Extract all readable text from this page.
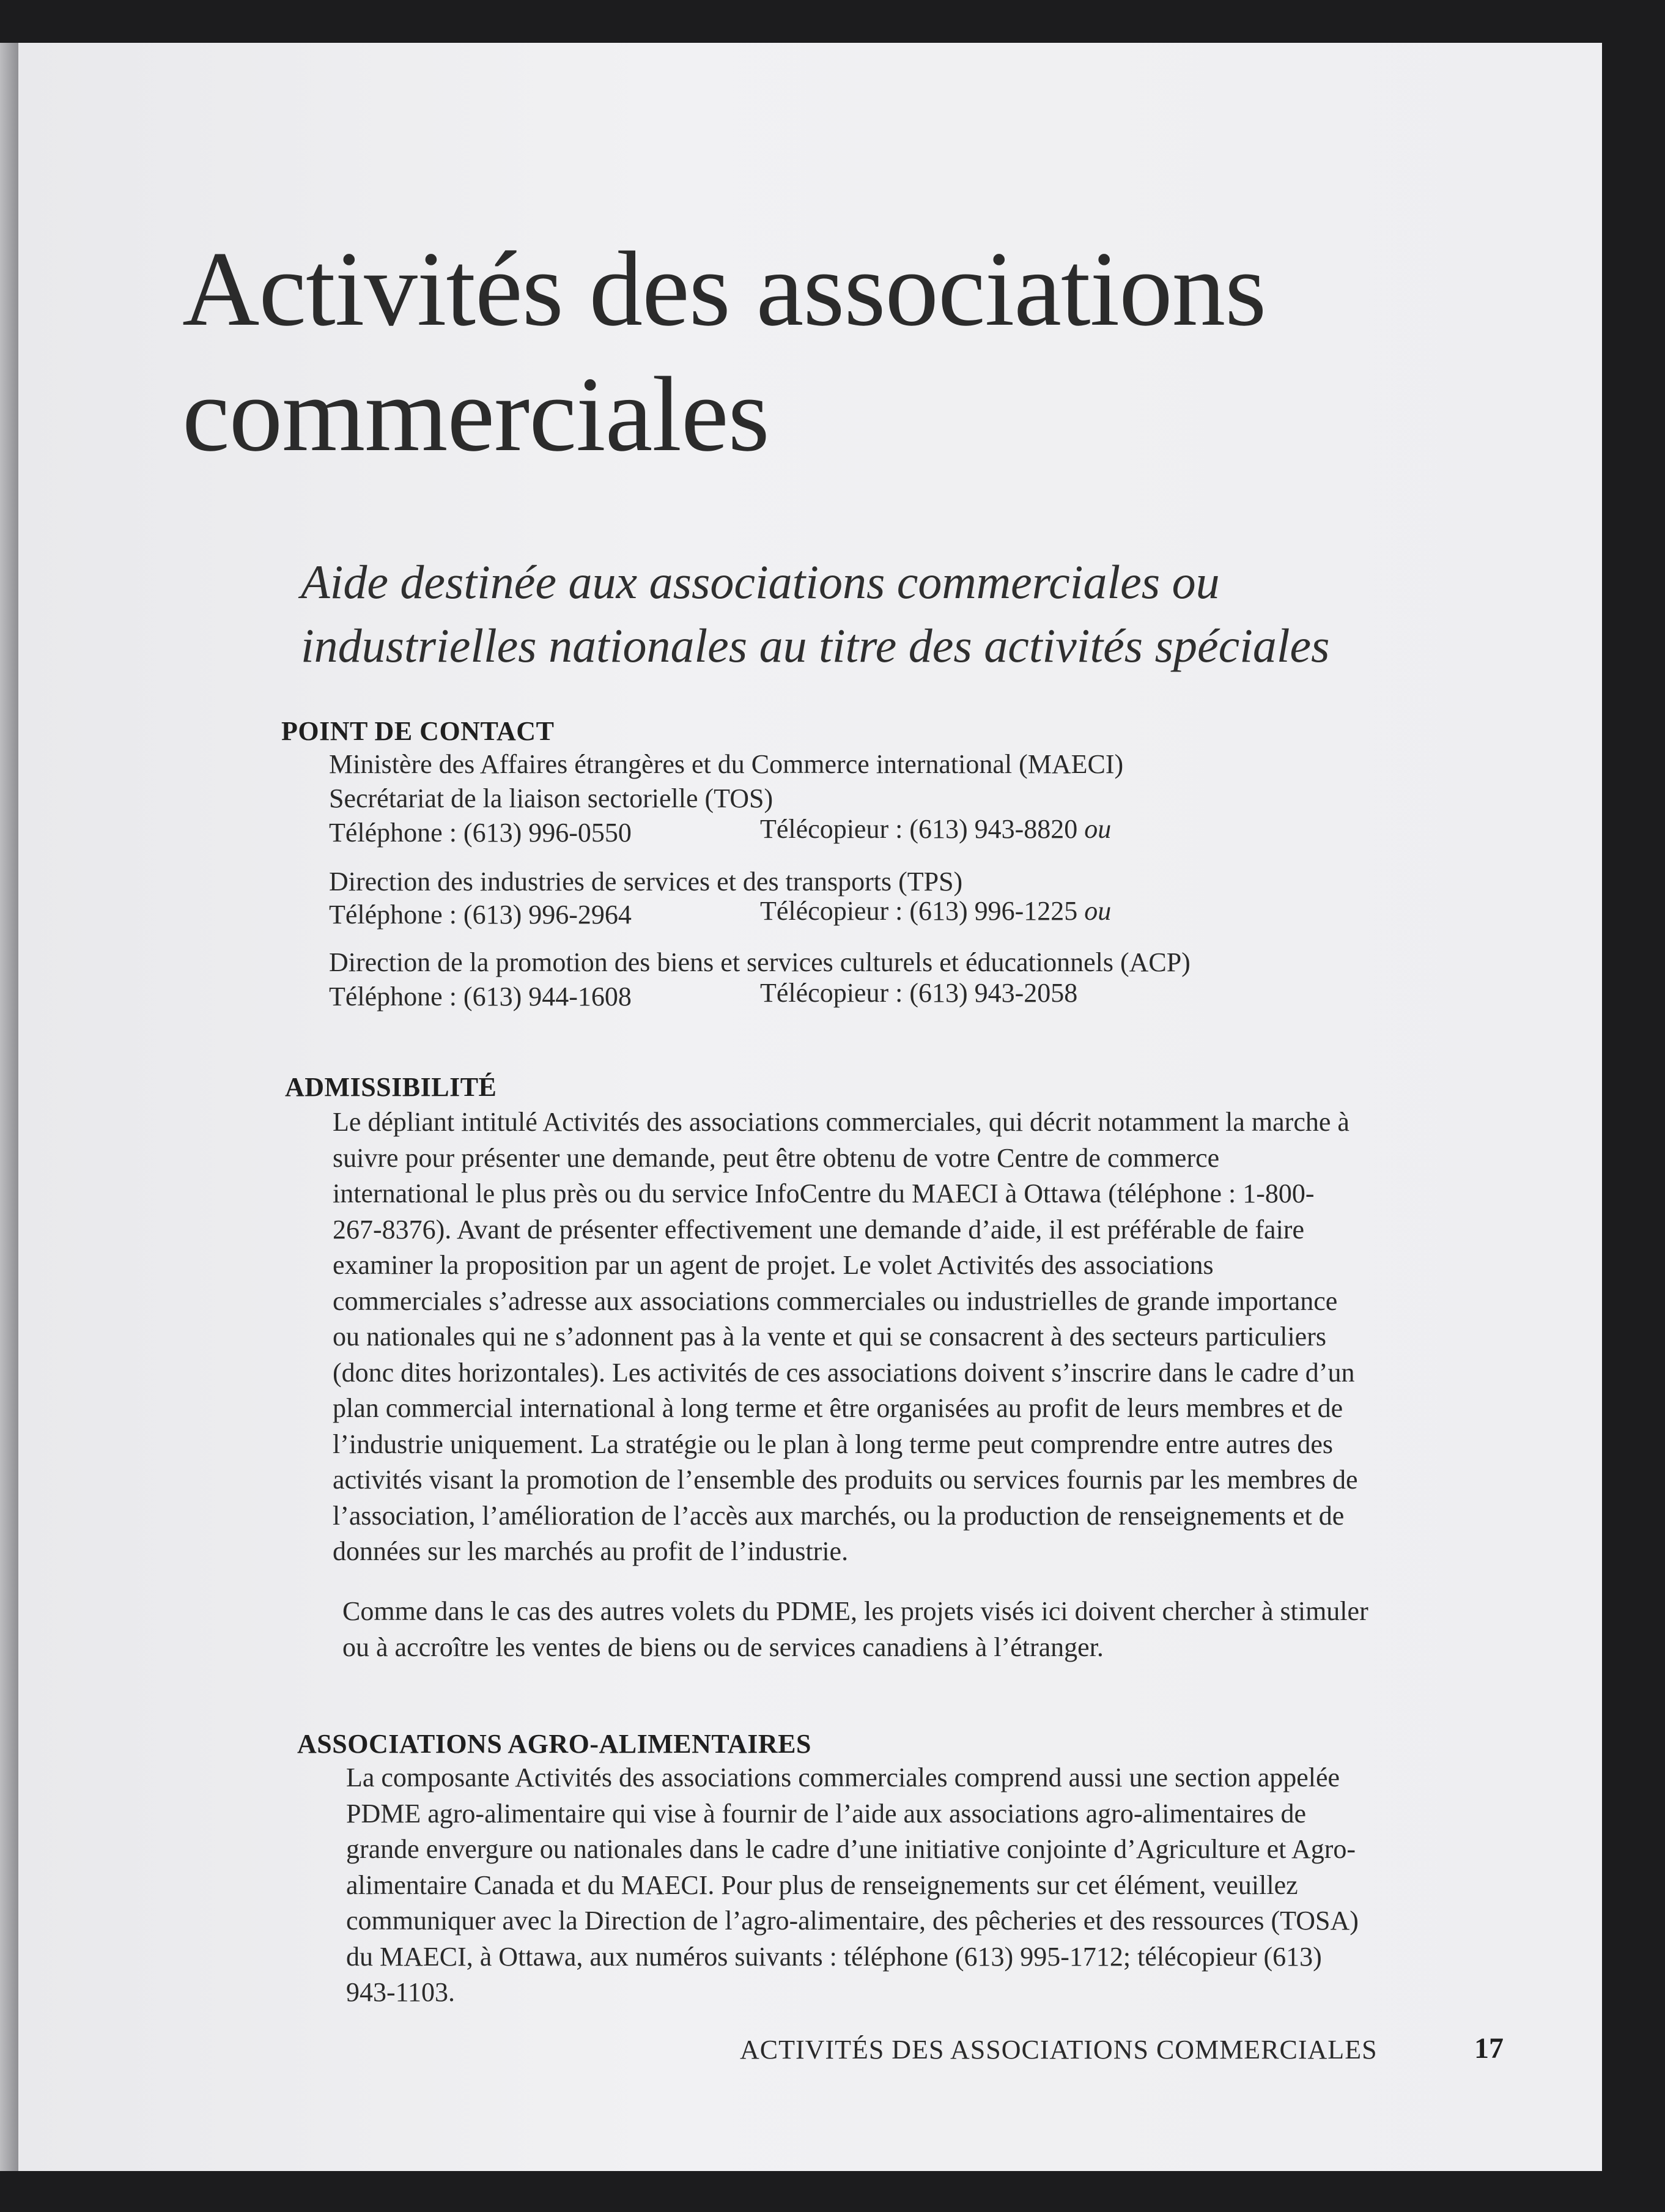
Activités des associations
commerciales
Aide destinée aux associations commerciales ou
industrielles nationales au titre des activités spéciales
POINT DE CONTACT

Ministère des Affaires étrangères et du Commerce international (MAECI)

Secrétariat de la liaison sectorielle (TOS)

Téléphone : (613) 996-0550	Télécopieur : (613) 943-8820 ou

Direction des industries de services et des transports (TPS)

Téléphone : (613) 996-2964	Télécopieur : (613) 996-1225 ou

Direction de la promotion des biens et services culturels et éducationnels (ACP)

Téléphone : (613) 944-1608	Télécopieur : (613) 943-2058

ADMISSIBILITÉ

Le dépliant intitulé Activités des associations commerciales, qui décrit notamment la marche à suivre pour présenter une demande, peut être obtenu de votre Centre de commerce international le plus près ou du service InfoCentre du MAECI à Ottawa (téléphone : 1-800-267-8376). Avant de présenter effectivement une demande d’aide, il est préférable de faire examiner la proposition par un agent de projet. Le volet Activités des associations commerciales s’adresse aux associations commerciales ou industrielles de grande importance ou nationales qui ne s’adonnent pas à la vente et qui se consacrent à des secteurs particuliers (donc dites horizontales). Les activités de ces associations doivent s’inscrire dans le cadre d’un plan commercial international à long terme et être organisées au profit de leurs membres et de l’industrie uniquement. La stratégie ou le plan à long terme peut comprendre entre autres des activités visant la promotion de l’ensemble des produits ou services fournis par les membres de l’association, l’amélioration de l’accès aux marchés, ou la production de renseignements et de données sur les marchés au profit de l’industrie.

Comme dans le cas des autres volets du PDME, les projets visés ici doivent chercher à stimuler ou à accroître les ventes de biens ou de services canadiens à l’étranger.

ASSOCIATIONS AGRO-ALIMENTAIRES

La composante Activités des associations commerciales comprend aussi une section appelée PDME agro-alimentaire qui vise à fournir de l’aide aux associations agro-alimentaires de grande envergure ou nationales dans le cadre d’une initiative conjointe d’Agriculture et Agro-alimentaire Canada et du MAECI. Pour plus de renseignements sur cet élément, veuillez communiquer avec la Direction de l’agro-alimentaire, des pêcheries et des ressources (TOSA) du MAECI, à Ottawa, aux numéros suivants : téléphone (613) 995-1712; télécopieur (613) 943-1103.

ACTIVITÉS DES ASSOCIATIONS COMMERCIALES	17
